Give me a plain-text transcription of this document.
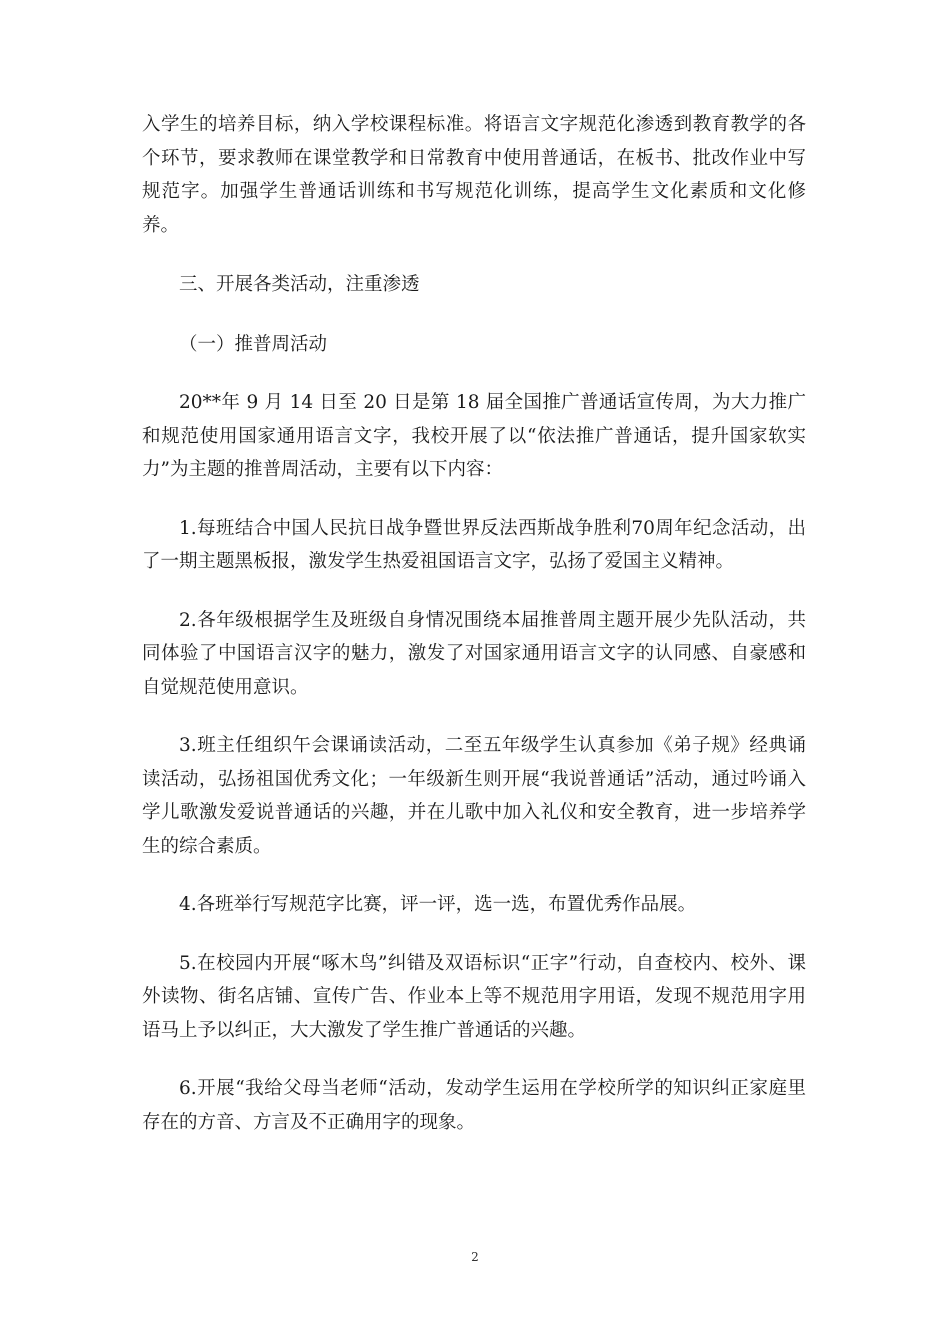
入学生的培养目标，纳入学校课程标准。将语言文字规范化渗透到教育教学的各个环节，要求教师在课堂教学和日常教育中使用普通话，在板书、批改作业中写规范字。加强学生普通话训练和书写规范化训练，提高学生文化素质和文化修养。

三、开展各类活动，注重渗透

（一）推普周活动

20**年 9 月 14 日至 20 日是第 18 届全国推广普通话宣传周，为大力推广和规范使用国家通用语言文字，我校开展了以“依法推广普通话，提升国家软实力”为主题的推普周活动，主要有以下内容：

1.每班结合中国人民抗日战争暨世界反法西斯战争胜利70周年纪念活动，出了一期主题黑板报，激发学生热爱祖国语言文字，弘扬了爱国主义精神。

2.各年级根据学生及班级自身情况围绕本届推普周主题开展少先队活动，共同体验了中国语言汉字的魅力，激发了对国家通用语言文字的认同感、自豪感和自觉规范使用意识。

3.班主任组织午会课诵读活动，二至五年级学生认真参加《弟子规》经典诵读活动，弘扬祖国优秀文化；一年级新生则开展“我说普通话”活动，通过吟诵入学儿歌激发爱说普通话的兴趣，并在儿歌中加入礼仪和安全教育，进一步培养学生的综合素质。

4.各班举行写规范字比赛，评一评，选一选，布置优秀作品展。

5.在校园内开展“啄木鸟”纠错及双语标识“正字”行动，自查校内、校外、课外读物、街名店铺、宣传广告、作业本上等不规范用字用语，发现不规范用字用语马上予以纠正，大大激发了学生推广普通话的兴趣。

6.开展“我给父母当老师“活动，发动学生运用在学校所学的知识纠正家庭里存在的方音、方言及不正确用字的现象。

2
